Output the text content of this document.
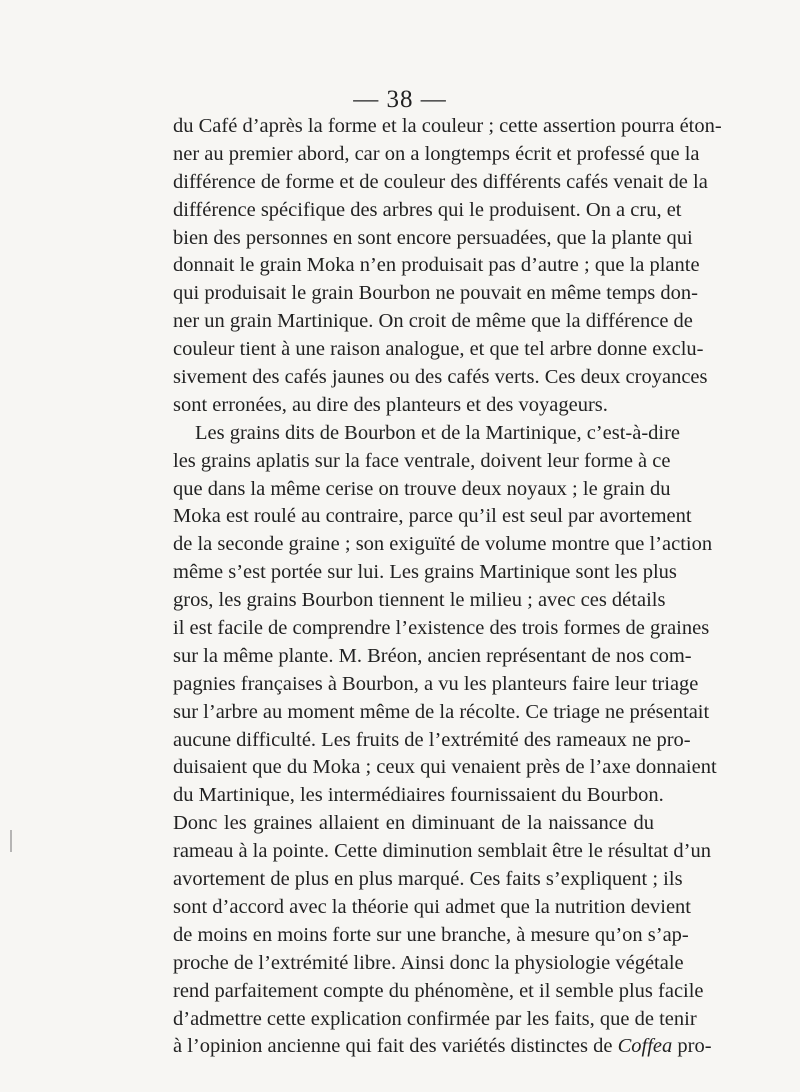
— 38 —
du Café d’après la forme et la couleur ; cette assertion pourra éton-
ner au premier abord, car on a longtemps écrit et professé que la
différence de forme et de couleur des différents cafés venait de la
différence spécifique des arbres qui le produisent. On a cru, et
bien des personnes en sont encore persuadées, que la plante qui
donnait le grain Moka n’en produisait pas d’autre ; que la plante
qui produisait le grain Bourbon ne pouvait en même temps don-
ner un grain Martinique. On croit de même que la différence de
couleur tient à une raison analogue, et que tel arbre donne exclu-
sivement des cafés jaunes ou des cafés verts. Ces deux croyances
sont erronées, au dire des planteurs et des voyageurs.
Les grains dits de Bourbon et de la Martinique, c’est-à-dire
les grains aplatis sur la face ventrale, doivent leur forme à ce
que dans la même cerise on trouve deux noyaux ; le grain du
Moka est roulé au contraire, parce qu’il est seul par avortement
de la seconde graine ; son exiguïté de volume montre que l’action
même s’est portée sur lui. Les grains Martinique sont les plus
gros, les grains Bourbon tiennent le milieu ; avec ces détails
il est facile de comprendre l’existence des trois formes de graines
sur la même plante. M. Bréon, ancien représentant de nos com-
pagnies françaises à Bourbon, a vu les planteurs faire leur triage
sur l’arbre au moment même de la récolte. Ce triage ne présentait
aucune difficulté. Les fruits de l’extrémité des rameaux ne pro-
duisaient que du Moka ; ceux qui venaient près de l’axe donnaient
du Martinique, les intermédiaires fournissaient du Bourbon.
Donc les graines allaient en diminuant de la naissance du
rameau à la pointe. Cette diminution semblait être le résultat d’un
avortement de plus en plus marqué. Ces faits s’expliquent ; ils
sont d’accord avec la théorie qui admet que la nutrition devient
de moins en moins forte sur une branche, à mesure qu’on s’ap-
proche de l’extrémité libre. Ainsi donc la physiologie végétale
rend parfaitement compte du phénomène, et il semble plus facile
d’admettre cette explication confirmée par les faits, que de tenir
à l’opinion ancienne qui fait des variétés distinctes de Coffea pro-
